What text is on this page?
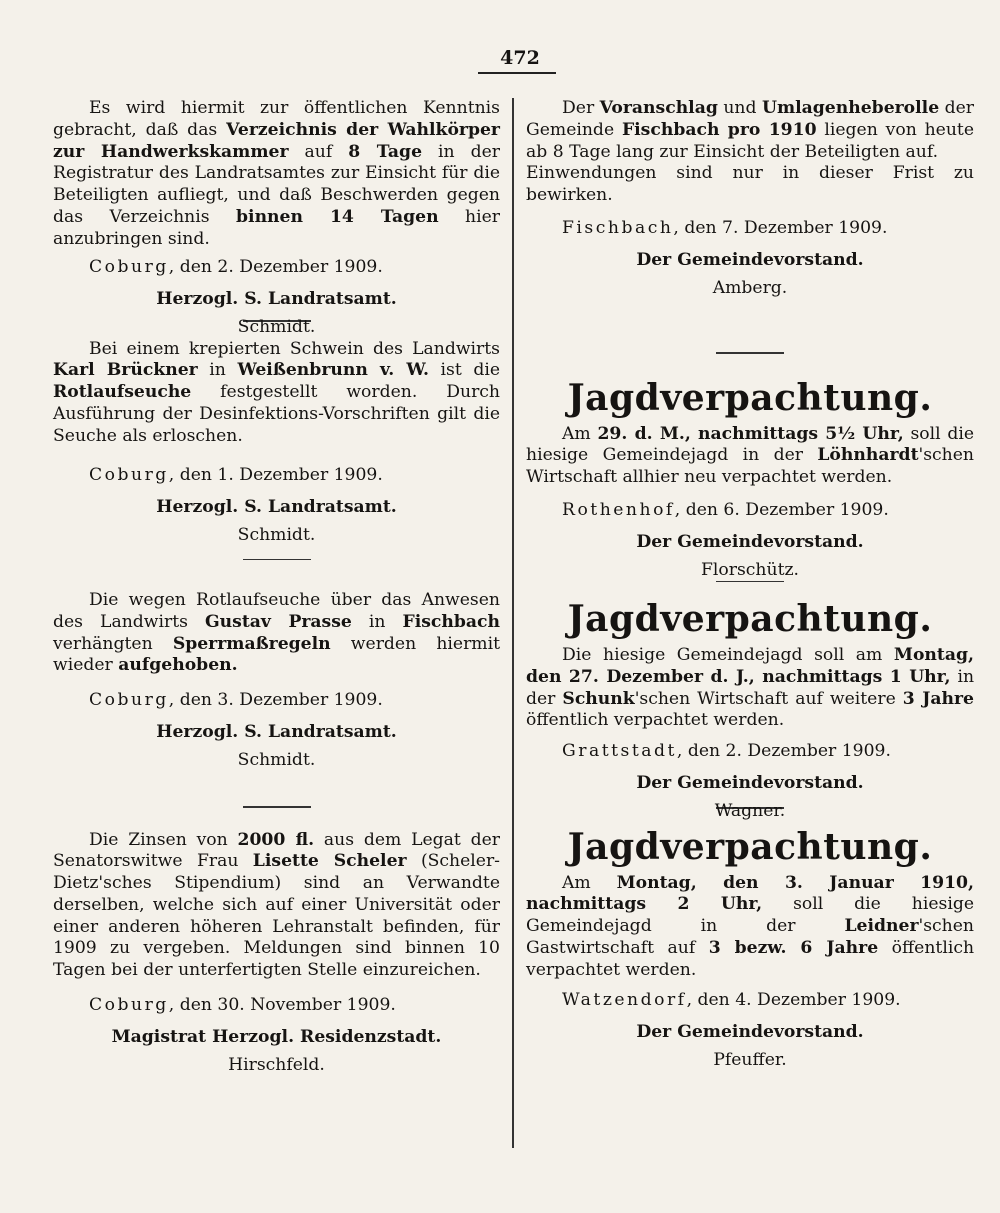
472

Es wird hiermit zur öffentlichen Kenntnis gebracht, daß das Verzeichnis der Wahlkörper zur Handwerkskammer auf 8 Tage in der Registratur des Landratsamtes zur Einsicht für die Beteiligten aufliegt, und daß Beschwerden gegen das Verzeichnis binnen 14 Tagen hier anzubringen sind.

Coburg, den 2. Dezember 1909.
Herzogl. S. Landratsamt.
Schmidt.

Bei einem krepierten Schwein des Landwirts Karl Brückner in Weißenbrunn v. W. ist die Rotlaufseuche festgestellt worden. Durch Ausführung der Desinfektions-Vorschriften gilt die Seuche als erloschen.

Coburg, den 1. Dezember 1909.
Herzogl. S. Landratsamt.
Schmidt.

Die wegen Rotlaufseuche über das Anwesen des Landwirts Gustav Prasse in Fischbach verhängten Sperrmaßregeln werden hiermit wieder aufgehoben.

Coburg, den 3. Dezember 1909.
Herzogl. S. Landratsamt.
Schmidt.

Die Zinsen von 2000 fl. aus dem Legat der Senatorswitwe Frau Lisette Scheler (Scheler-Dietz'sches Stipendium) sind an Verwandte derselben, welche sich auf einer Universität oder einer anderen höheren Lehranstalt befinden, für 1909 zu vergeben. Meldungen sind binnen 10 Tagen bei der unterfertigten Stelle einzureichen.

Coburg, den 30. November 1909.
Magistrat Herzogl. Residenzstadt.
Hirschfeld.

Der Voranschlag und Umlagenheberolle der Gemeinde Fischbach pro 1910 liegen von heute ab 8 Tage lang zur Einsicht der Beteiligten auf.

Einwendungen sind nur in dieser Frist zu bewirken.

Fischbach, den 7. Dezember 1909.
Der Gemeindevorstand.
Amberg.
Jagdverpachtung.

Am 29. d. M., nachmittags 5½ Uhr, soll die hiesige Gemeindejagd in der Löhnhardt'schen Wirtschaft allhier neu verpachtet werden.

Rothenhof, den 6. Dezember 1909.
Der Gemeindevorstand.
Florschütz.
Jagdverpachtung.

Die hiesige Gemeindejagd soll am Montag, den 27. Dezember d. J., nachmittags 1 Uhr, in der Schunk'schen Wirtschaft auf weitere 3 Jahre öffentlich verpachtet werden.

Grattstadt, den 2. Dezember 1909.
Der Gemeindevorstand.
Wagner.
Jagdverpachtung.

Am Montag, den 3. Januar 1910, nachmittags 2 Uhr, soll die hiesige Gemeindejagd in der Leidner'schen Gastwirtschaft auf 3 bezw. 6 Jahre öffentlich verpachtet werden.

Watzendorf, den 4. Dezember 1909.
Der Gemeindevorstand.
Pfeuffer.
